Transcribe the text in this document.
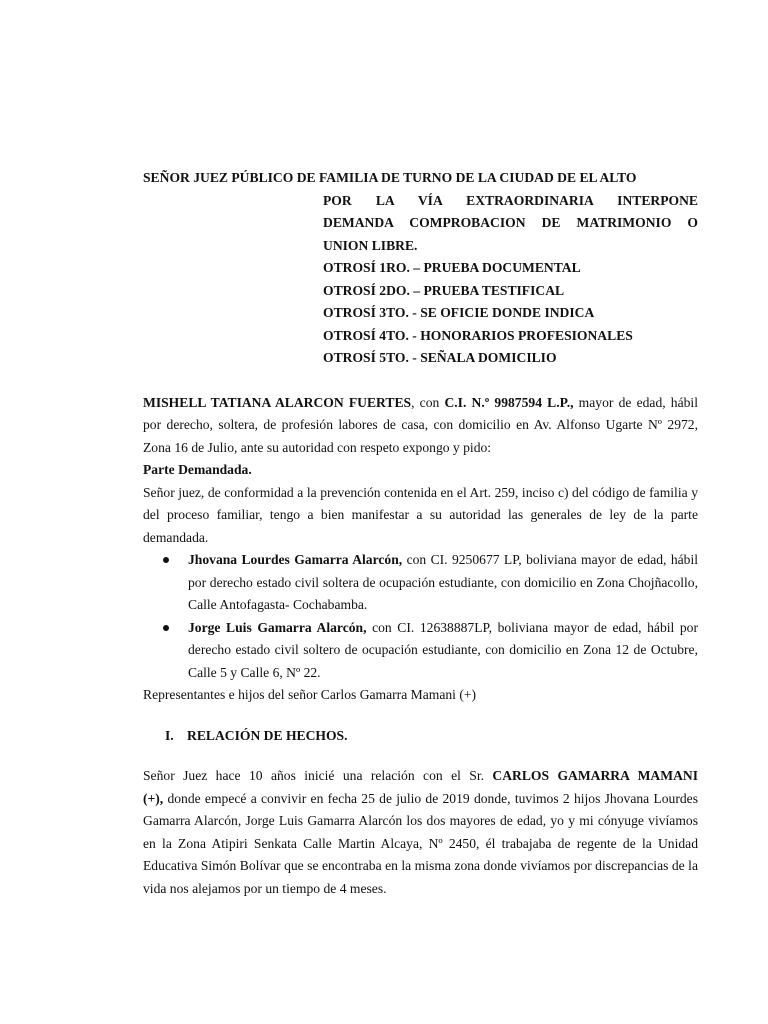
SEÑOR JUEZ PÚBLICO DE FAMILIA DE TURNO DE LA CIUDAD DE EL ALTO
POR LA VÍA EXTRAORDINARIA INTERPONE
DEMANDA COMPROBACION DE MATRIMONIO O
UNION LIBRE.
OTROSÍ 1RO. – PRUEBA DOCUMENTAL
OTROSÍ 2DO. – PRUEBA TESTIFICAL
OTROSÍ 3TO. - SE OFICIE DONDE INDICA
OTROSÍ 4TO. - HONORARIOS PROFESIONALES
OTROSÍ 5TO. - SEÑALA DOMICILIO
MISHELL TATIANA ALARCON FUERTES, con C.I. N.º 9987594 L.P., mayor de edad, hábil por derecho, soltera, de profesión labores de casa, con domicilio en Av. Alfonso Ugarte Nº 2972, Zona 16 de Julio, ante su autoridad con respeto expongo y pido:
Parte Demandada.
Señor juez, de conformidad a la prevención contenida en el Art. 259, inciso c) del código de familia y del proceso familiar, tengo a bien manifestar a su autoridad las generales de ley de la parte demandada.
Jhovana Lourdes Gamarra Alarcón, con CI. 9250677 LP, boliviana mayor de edad, hábil por derecho estado civil soltera de ocupación estudiante, con domicilio en Zona Chojñacollo, Calle Antofagasta- Cochabamba.
Jorge Luis Gamarra Alarcón, con CI. 12638887LP, boliviana mayor de edad, hábil por derecho estado civil soltero de ocupación estudiante, con domicilio en Zona 12 de Octubre, Calle 5 y Calle 6, Nº 22.
Representantes e hijos del señor Carlos Gamarra Mamani (+)
I. RELACIÓN DE HECHOS.
Señor Juez hace 10 años inicié una relación con el Sr. CARLOS GAMARRA MAMANI
(+), donde empecé a convivir en fecha 25 de julio de 2019 donde, tuvimos 2 hijos Jhovana Lourdes Gamarra Alarcón, Jorge Luis Gamarra Alarcón los dos mayores de edad, yo y mi cónyuge vivíamos en la Zona Atipiri Senkata Calle Martin Alcaya, Nº 2450, él trabajaba de regente de la Unidad Educativa Simón Bolívar que se encontraba en la misma zona donde vivíamos por discrepancias de la vida nos alejamos por un tiempo de 4 meses.
